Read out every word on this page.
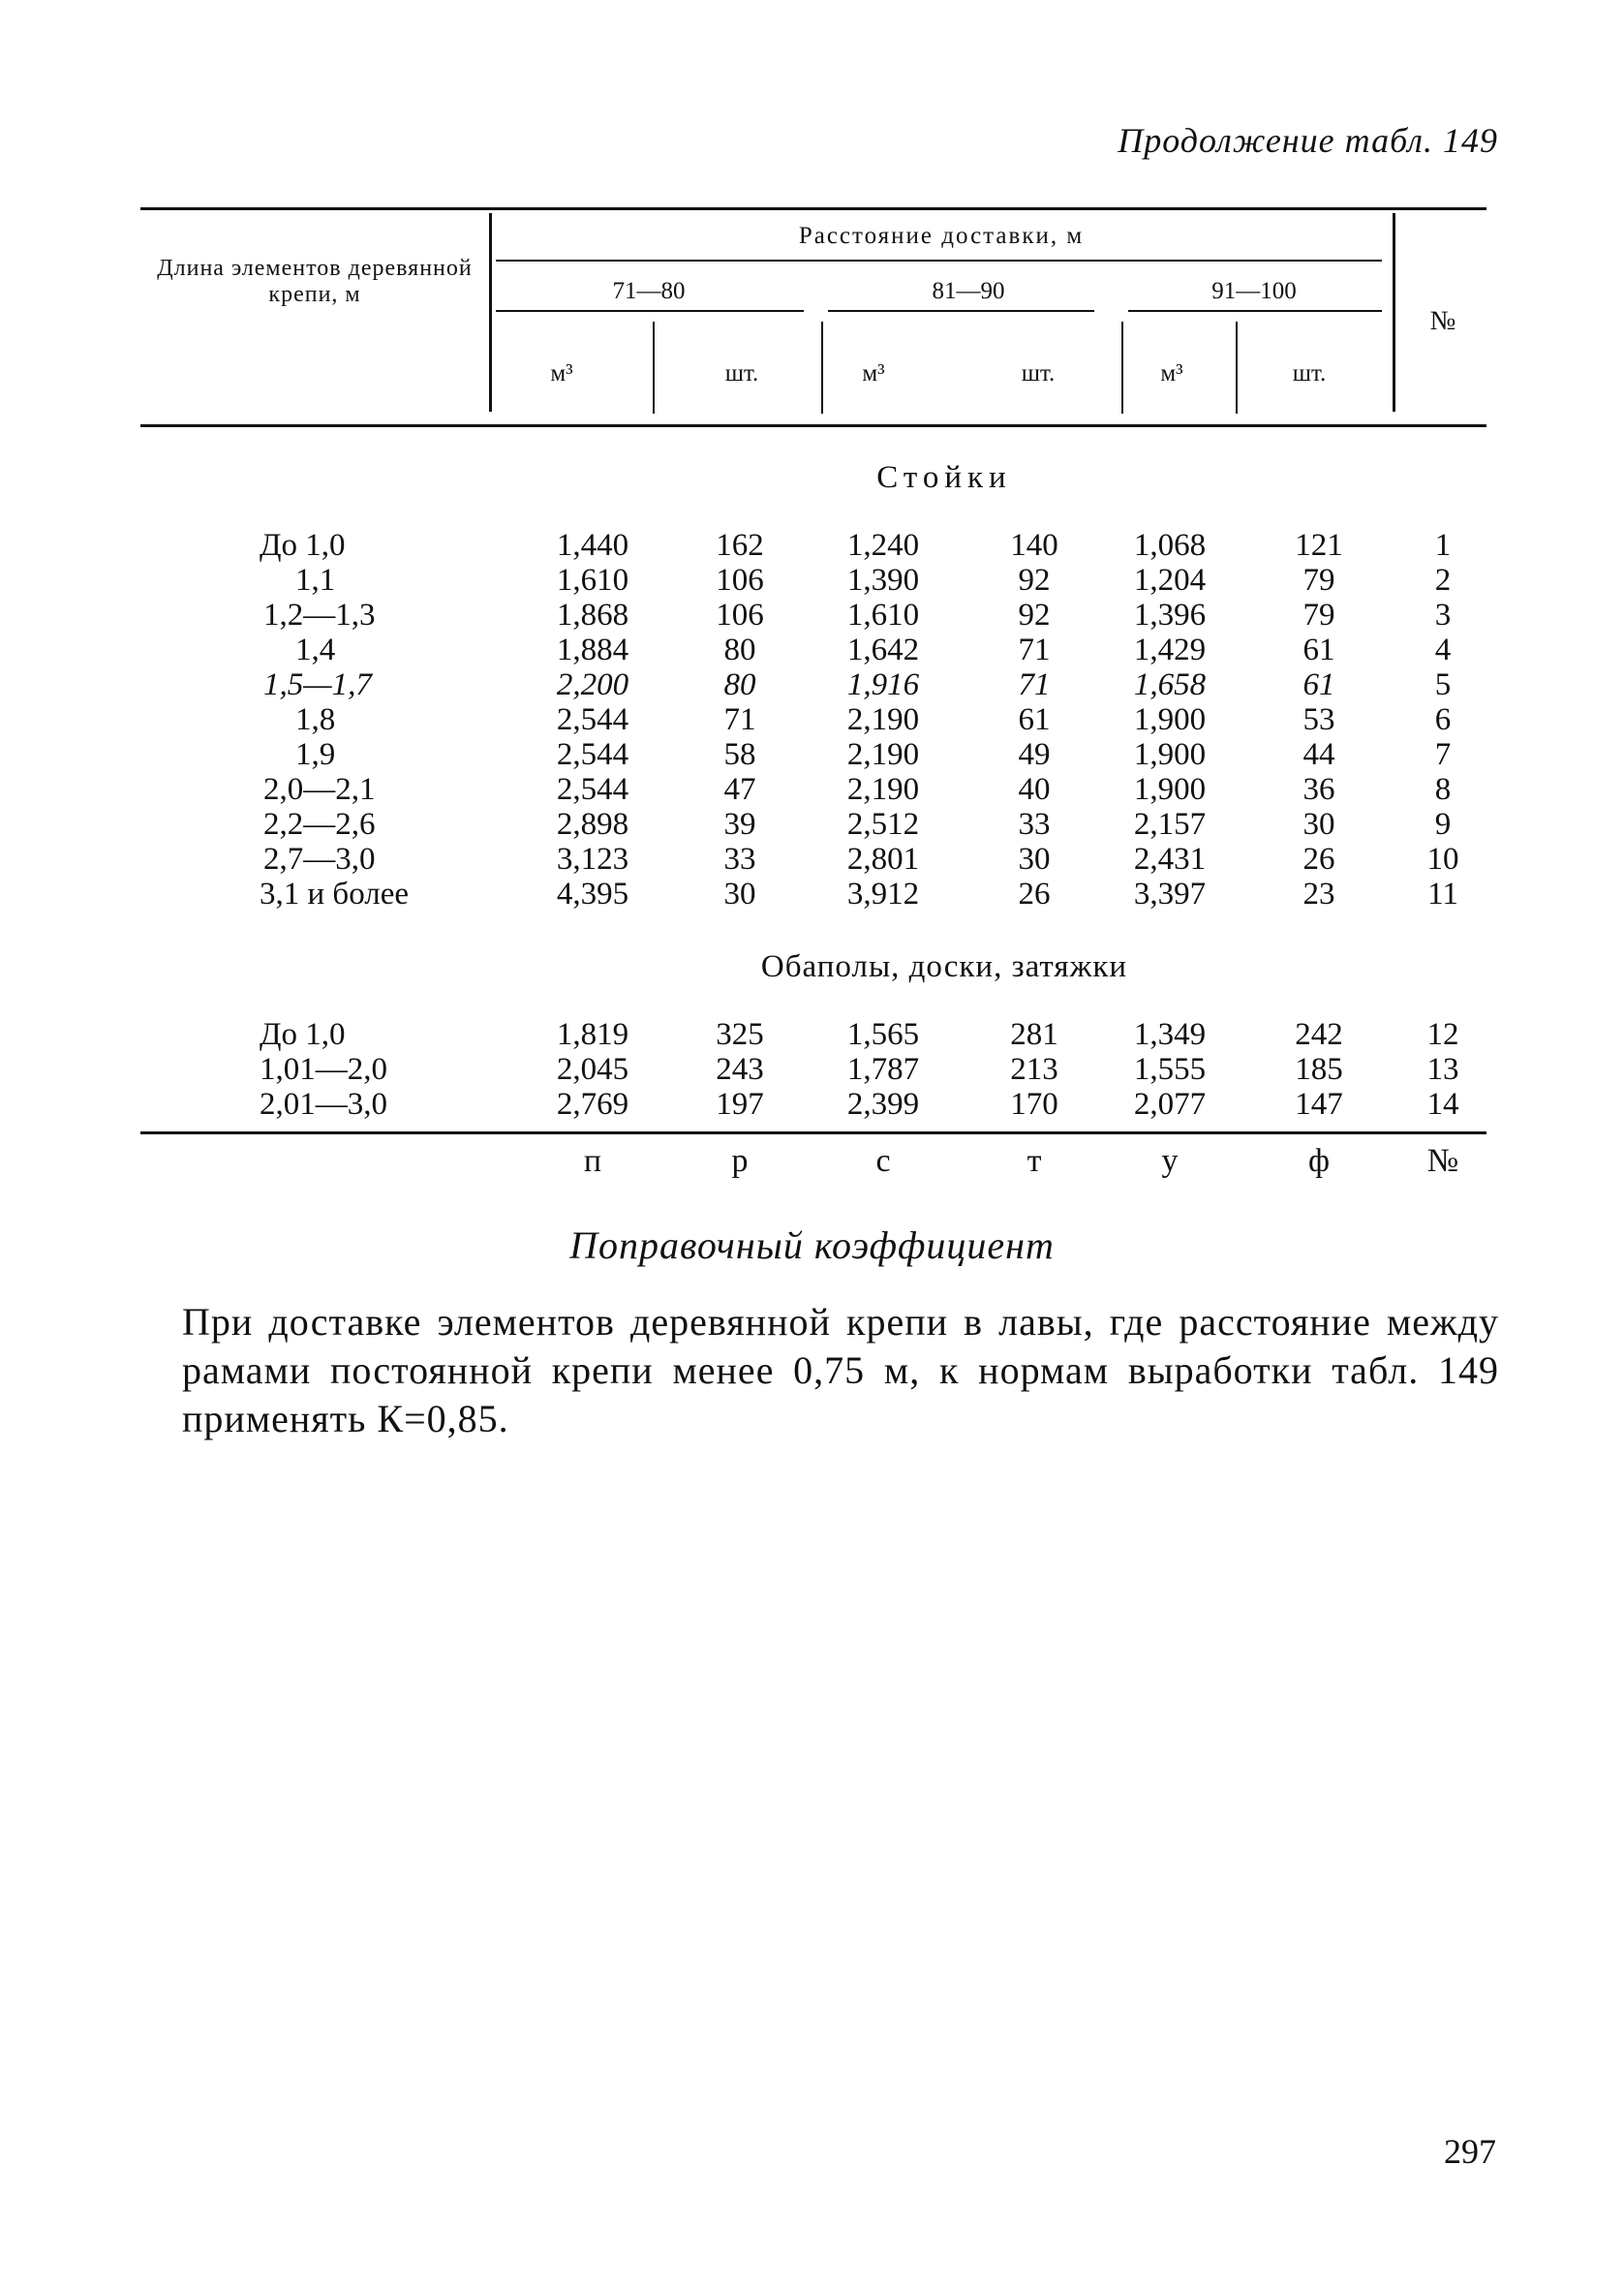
Продолжение табл. 149
Расстояние доставки, м
71—80	81—90	91—100
м³	шт.	м³	шт.	м³	шт.
Длина элементов деревянной крепи, м
№
Стойки
Обаполы, доски, затяжки
До 1,0	1,440	162	1,240	140	1,068	121	1
1,1	1,610	106	1,390	92	1,204	79	2
1,2—1,3	1,868	106	1,610	92	1,396	79	3
1,4	1,884	80	1,642	71	1,429	61	4
1,5—1,7	2,200	80	1,916	71	1,658	61	5
1,8	2,544	71	2,190	61	1,900	53	6
1,9	2,544	58	2,190	49	1,900	44	7
2,0—2,1	2,544	47	2,190	40	1,900	36	8
2,2—2,6	2,898	39	2,512	33	2,157	30	9
2,7—3,0	3,123	33	2,801	30	2,431	26	10
3,1 и более	4,395	30	3,912	26	3,397	23	11
До 1,0	1,819	325	1,565	281	1,349	242	12
1,01—2,0	2,045	243	1,787	213	1,555	185	13
2,01—3,0	2,769	197	2,399	170	2,077	147	14
п	р	с	т	у	ф	№
Поправочный коэффициент
При доставке элементов деревянной крепи в лавы, где расстояние между рамами постоянной крепи менее 0,75 м, к нормам выработки табл. 149 применять К=0,85.
297
